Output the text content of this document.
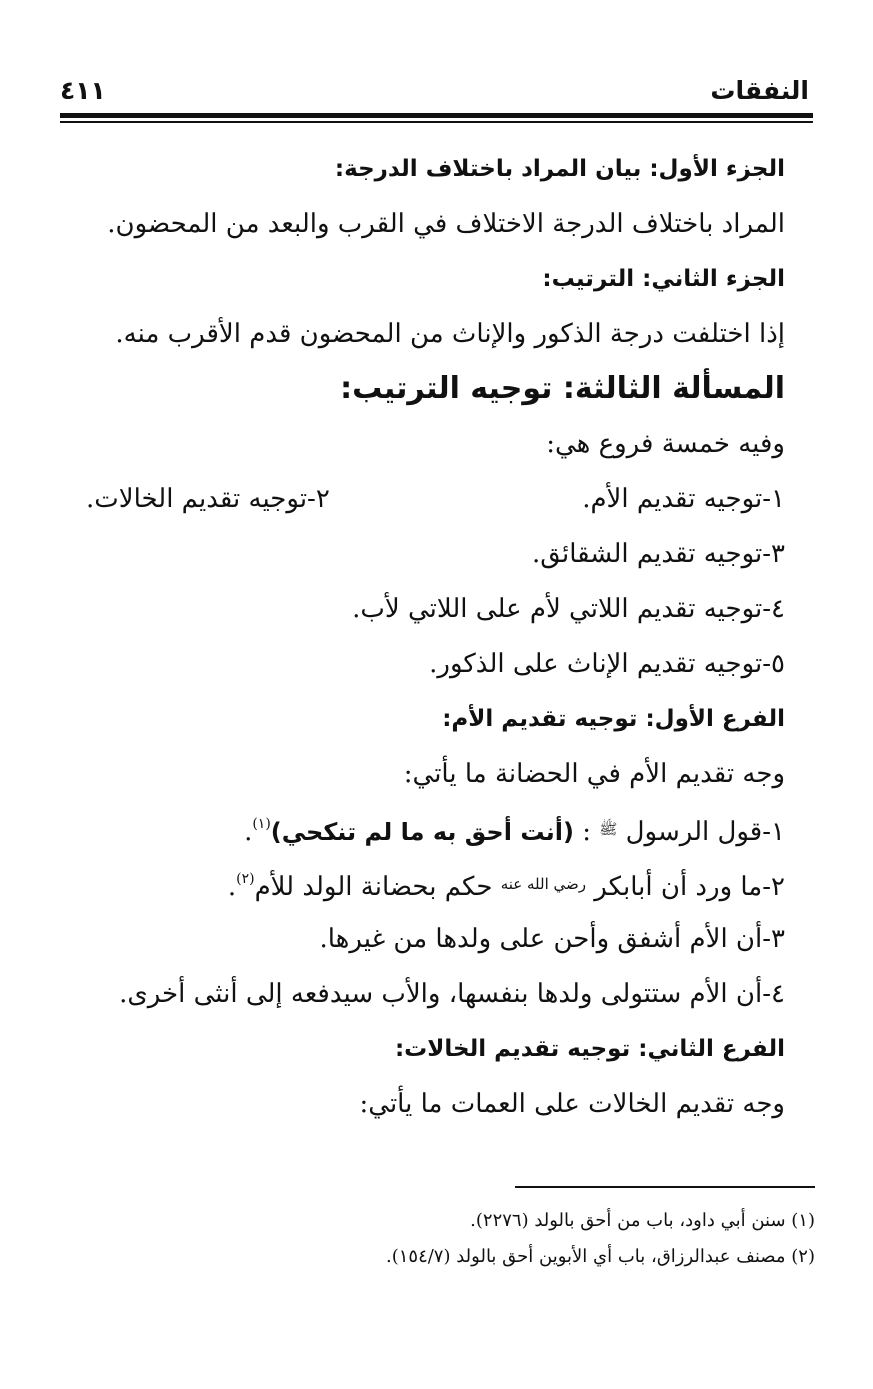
النفقات
٤١١
الجزء الأول: بيان المراد باختلاف الدرجة:
المراد باختلاف الدرجة الاختلاف في القرب والبعد من المحضون.
الجزء الثاني: الترتيب:
إذا اختلفت درجة الذكور والإناث من المحضون قدم الأقرب منه.
المسألة الثالثة: توجيه الترتيب:
وفيه خمسة فروع هي:
١-توجيه تقديم الأم.
٢-توجيه تقديم الخالات.
٣-توجيه تقديم الشقائق.
٤-توجيه تقديم اللاتي لأم على اللاتي لأب.
٥-توجيه تقديم الإناث على الذكور.
الفرع الأول: توجيه تقديم الأم:
وجه تقديم الأم في الحضانة ما يأتي:
١-قول الرسول $^ﷺ$ : (أنت أحق به ما لم تنكحي)$^{(١)}$.
٢-ما ورد أن أبابكر $^{رضي الله عنه}$ حكم بحضانة الولد للأم$^{(٢)}$.
٣-أن الأم أشفق وأحن على ولدها من غيرها.
٤-أن الأم ستتولى ولدها بنفسها، والأب سيدفعه إلى أنثى أخرى.
الفرع الثاني: توجيه تقديم الخالات:
وجه تقديم الخالات على العمات ما يأتي:
(١) سنن أبي داود، باب من أحق بالولد (٢٢٧٦).
(٢) مصنف عبدالرزاق، باب أي الأبوين أحق بالولد (١٥٤/٧).
